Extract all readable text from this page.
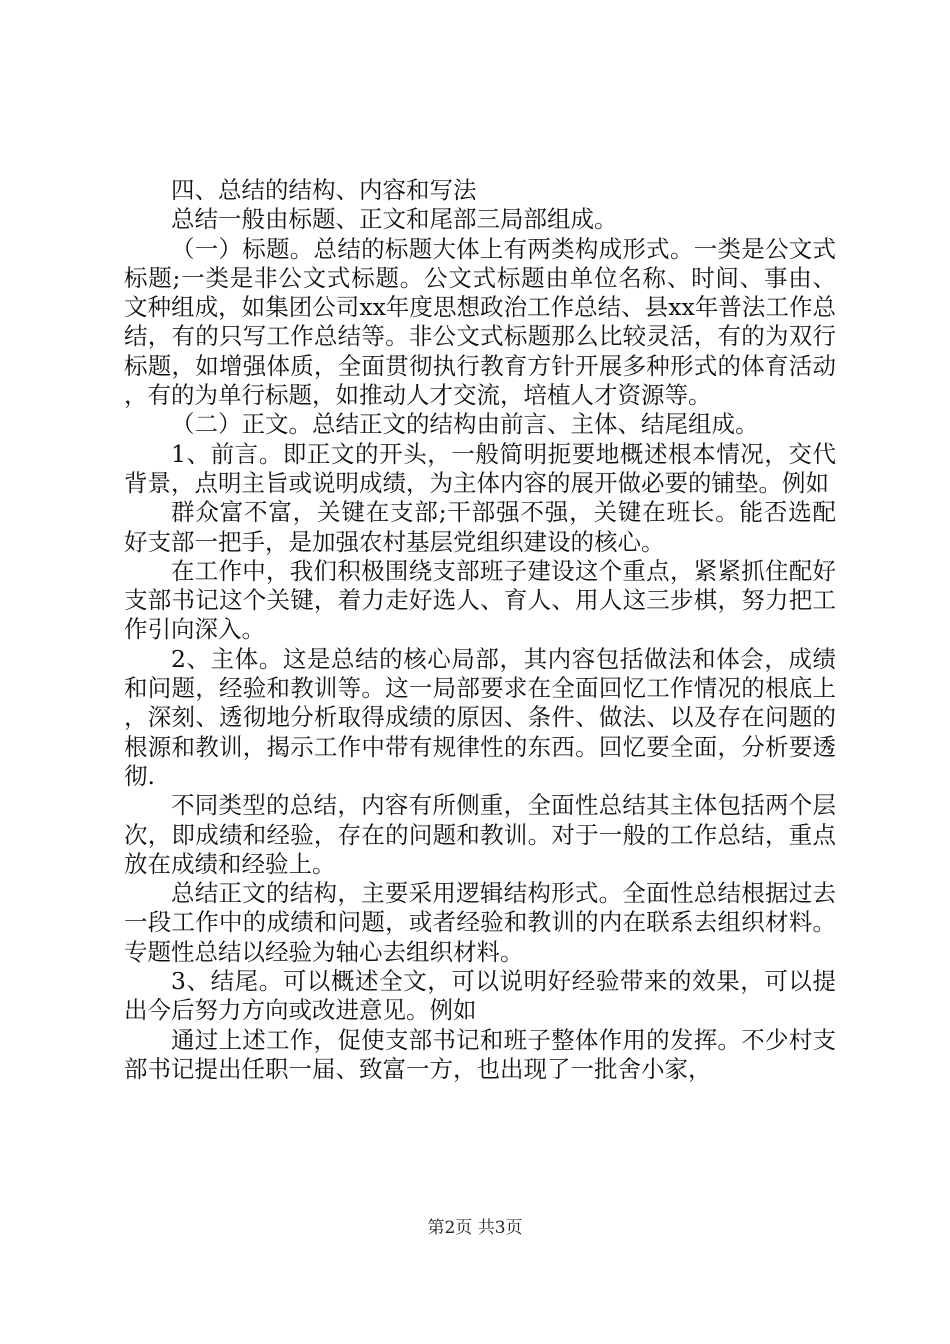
四、总结的结构、内容和写法

总结一般由标题、正文和尾部三局部组成。

（一）标题。总结的标题大体上有两类构成形式。一类是公文式标题;一类是非公文式标题。公文式标题由单位名称、时间、事由、文种组成，如集团公司xx年度思想政治工作总结、县xx年普法工作总结，有的只写工作总结等。非公文式标题那么比较灵活，有的为双行标题，如增强体质，全面贯彻执行教育方针开展多种形式的体育活动，有的为单行标题，如推动人才交流，培植人才资源等。

（二）正文。总结正文的结构由前言、主体、结尾组成。

1、前言。即正文的开头，一般简明扼要地概述根本情况，交代背景，点明主旨或说明成绩，为主体内容的展开做必要的铺垫。例如

群众富不富，关键在支部;干部强不强，关键在班长。能否选配好支部一把手，是加强农村基层党组织建设的核心。

在工作中，我们积极围绕支部班子建设这个重点，紧紧抓住配好支部书记这个关键，着力走好选人、育人、用人这三步棋，努力把工作引向深入。

2、主体。这是总结的核心局部，其内容包括做法和体会，成绩和问题，经验和教训等。这一局部要求在全面回忆工作情况的根底上，深刻、透彻地分析取得成绩的原因、条件、做法、以及存在问题的根源和教训，揭示工作中带有规律性的东西。回忆要全面，分析要透彻.

不同类型的总结，内容有所侧重，全面性总结其主体包括两个层次，即成绩和经验，存在的问题和教训。对于一般的工作总结，重点放在成绩和经验上。

总结正文的结构，主要采用逻辑结构形式。全面性总结根据过去一段工作中的成绩和问题，或者经验和教训的内在联系去组织材料。专题性总结以经验为轴心去组织材料。

3、结尾。可以概述全文，可以说明好经验带来的效果，可以提出今后努力方向或改进意见。例如

通过上述工作，促使支部书记和班子整体作用的发挥。不少村支部书记提出任职一届、致富一方，也出现了一批舍小家，

第2页 共3页
